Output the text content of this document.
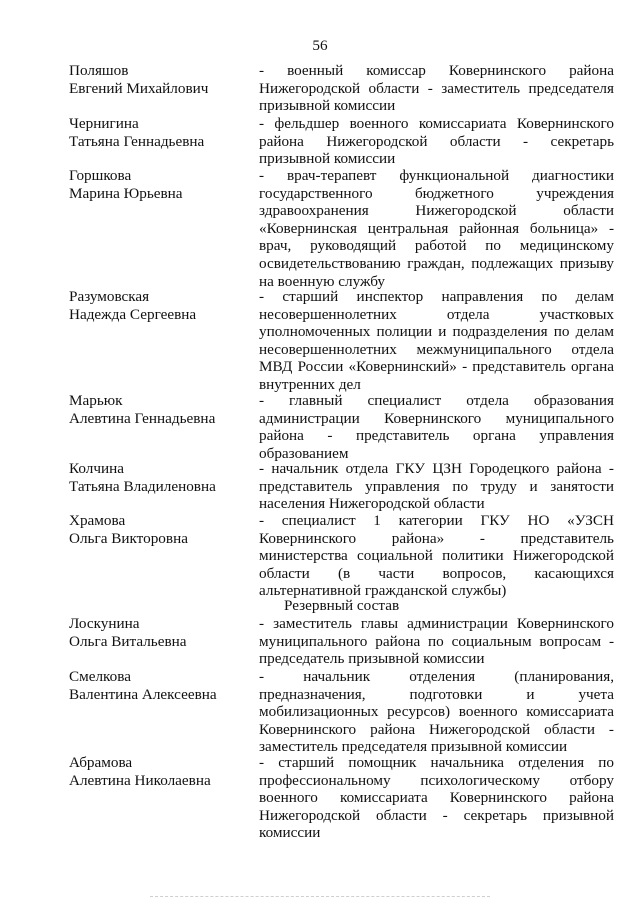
56
Поляшов
Евгений Михайлович
- военный комиссар Ковернинского района
Нижегородской области - заместитель председателя
призывной комиссии
Чернигина
Татьяна Геннадьевна
- фельдшер военного комиссариата Ковернинского
района Нижегородской области - секретарь
призывной комиссии
Горшкова
Марина Юрьевна
- врач-терапевт функциональной диагностики
государственного бюджетного учреждения
здравоохранения Нижегородской области
«Ковернинская центральная районная больница» -
врач, руководящий работой по медицинскому
освидетельствованию граждан, подлежащих призыву
на военную службу
Разумовская
Надежда Сергеевна
- старший инспектор направления по делам
несовершеннолетних отдела участковых
уполномоченных полиции и подразделения по делам
несовершеннолетних межмуниципального отдела
МВД России «Ковернинский» - представитель органа
внутренних дел
Марьюк
Алевтина Геннадьевна
- главный специалист отдела образования
администрации Ковернинского муниципального
района - представитель органа управления
образованием
Колчина
Татьяна Владиленовна
- начальник отдела ГКУ ЦЗН Городецкого района -
представитель управления по труду и занятости
населения Нижегородской области
Храмова
Ольга Викторовна
- специалист 1 категории ГКУ НО «УЗСН
Ковернинского района» - представитель
министерства социальной политики Нижегородской
области (в части вопросов, касающихся
альтернативной гражданской службы)
Лоскунина
Ольга Витальевна
- заместитель главы администрации Ковернинского
муниципального района по социальным вопросам -
председатель призывной комиссии
Смелкова
Валентина Алексеевна
- начальник отделения (планирования,
предназначения, подготовки и учета
мобилизационных ресурсов) военного комиссариата
Ковернинского района Нижегородской области -
заместитель председателя призывной комиссии
Абрамова
Алевтина Николаевна
- старший помощник начальника отделения по
профессиональному психологическому отбору
военного комиссариата Ковернинского района
Нижегородской области - секретарь призывной
комиссии
Резервный состав
